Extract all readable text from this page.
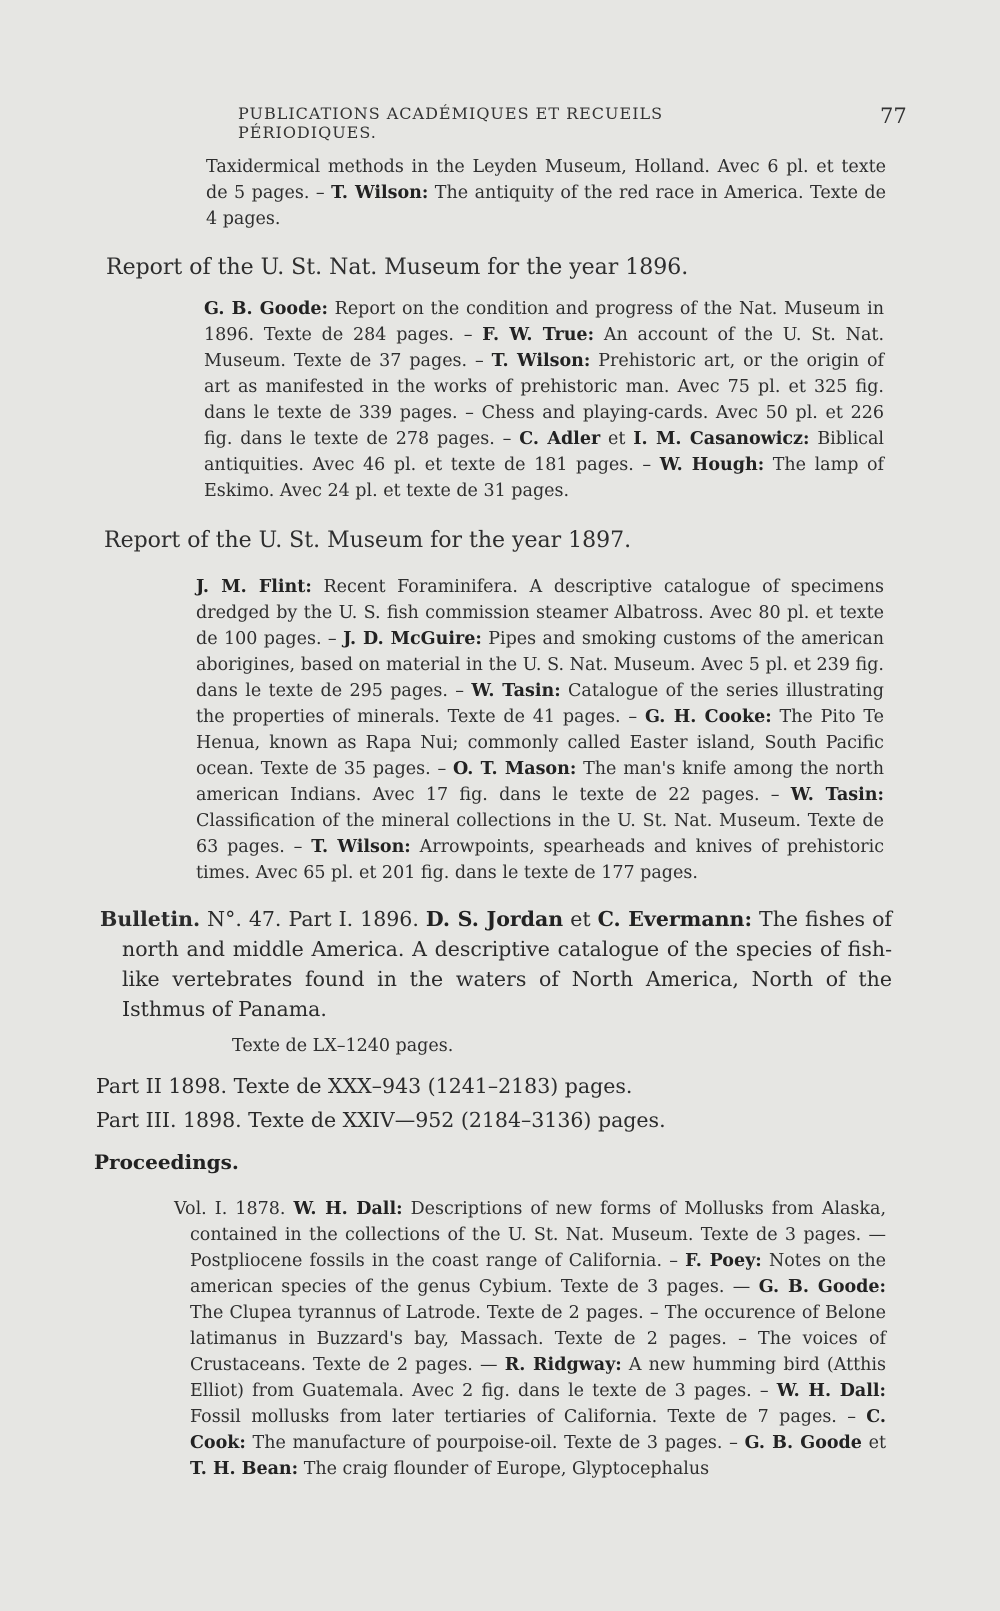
PUBLICATIONS ACADÉMIQUES ET RECUEILS PÉRIODIQUES.
77
Taxidermical methods in the Leyden Museum, Holland. Avec 6 pl. et texte de 5 pages. – T. Wilson: The antiquity of the red race in America. Texte de 4 pages.
Report of the U. St. Nat. Museum for the year 1896.
G. B. Goode: Report on the condition and progress of the Nat. Museum in 1896. Texte de 284 pages. – F. W. True: An account of the U. St. Nat. Museum. Texte de 37 pages. – T. Wilson: Prehistoric art, or the origin of art as manifested in the works of prehistoric man. Avec 75 pl. et 325 fig. dans le texte de 339 pages. – Chess and playing-cards. Avec 50 pl. et 226 fig. dans le texte de 278 pages. – C. Adler et I. M. Casanowicz: Biblical antiquities. Avec 46 pl. et texte de 181 pages. – W. Hough: The lamp of Eskimo. Avec 24 pl. et texte de 31 pages.
Report of the U. St. Museum for the year 1897.
J. M. Flint: Recent Foraminifera. A descriptive catalogue of specimens dredged by the U. S. fish commission steamer Albatross. Avec 80 pl. et texte de 100 pages. – J. D. McGuire: Pipes and smoking customs of the american aborigines, based on material in the U. S. Nat. Museum. Avec 5 pl. et 239 fig. dans le texte de 295 pages. – W. Tasin: Catalogue of the series illustrating the properties of minerals. Texte de 41 pages. – G. H. Cooke: The Pito Te Henua, known as Rapa Nui; commonly called Easter island, South Pacific ocean. Texte de 35 pages. – O. T. Mason: The man's knife among the north american Indians. Avec 17 fig. dans le texte de 22 pages. – W. Tasin: Classification of the mineral collections in the U. St. Nat. Museum. Texte de 63 pages. – T. Wilson: Arrowpoints, spearheads and knives of prehistoric times. Avec 65 pl. et 201 fig. dans le texte de 177 pages.
Bulletin. N°. 47. Part I. 1896. D. S. Jordan et C. Evermann: The fishes of north and middle America. A descriptive catalogue of the species of fish-like vertebrates found in the waters of North America, North of the Isthmus of Panama.
Texte de LX–1240 pages.
Part II 1898. Texte de XXX–943 (1241–2183) pages.
Part III. 1898. Texte de XXIV—952 (2184–3136) pages.
Proceedings.
Vol. I. 1878. W. H. Dall: Descriptions of new forms of Mollusks from Alaska, contained in the collections of the U. St. Nat. Museum. Texte de 3 pages. — Postpliocene fossils in the coast range of California. – F. Poey: Notes on the american species of the genus Cybium. Texte de 3 pages. — G. B. Goode: The Clupea tyrannus of Latrode. Texte de 2 pages. – The occurence of Belone latimanus in Buzzard's bay, Massach. Texte de 2 pages. – The voices of Crustaceans. Texte de 2 pages. — R. Ridgway: A new humming bird (Atthis Elliot) from Guatemala. Avec 2 fig. dans le texte de 3 pages. – W. H. Dall: Fossil mollusks from later tertiaries of California. Texte de 7 pages. – C. Cook: The manufacture of pourpoise-oil. Texte de 3 pages. – G. B. Goode et T. H. Bean: The craig flounder of Europe, Glyptocephalus
